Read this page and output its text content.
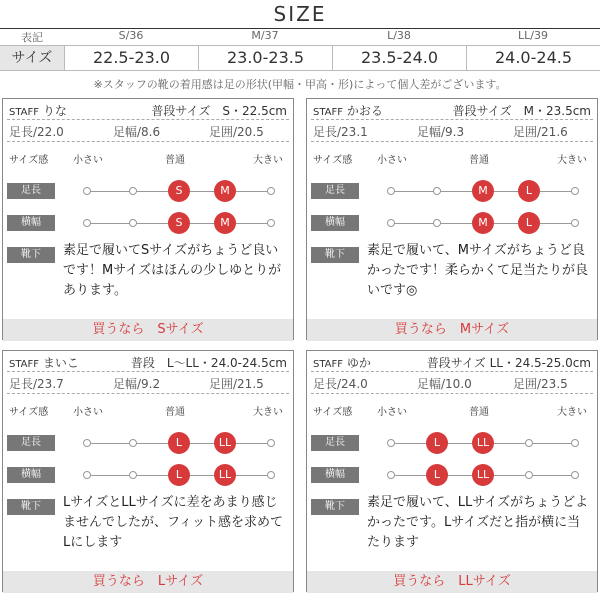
SIZE
表記	S/36	M/37	L/38	LL/39
サイズ	22.5-23.0	23.0-23.5	23.5-24.0	24.0-24.5
※スタッフの靴の着用感は足の形状(甲幅・甲高・形)によって個人差がございます。
STAFF りな	普段サイズ　S・22.5cm
足長/22.0	足幅/8.6	足囲/20.5
サイズ感 小さい	普通	大きい
足長
横幅
靴下	素足で履いてSサイズがちょうど良いです！Mサイズはほんの少しゆとりがあります。
買うなら　Sサイズ
S	M
S	M
STAFF かおる	普段サイズ　M・23.5cm
足長/23.1	足幅/9.3	足囲/21.6
サイズ感 小さい	普通	大きい
足長
横幅
靴下	素足で履いて、Mサイズがちょうど良かったです！柔らかくて足当たりが良いです◎
買うなら　Mサイズ
M	L
M	L
STAFF まいこ	普段　L〜LL・24.0-24.5cm
足長/23.7	足幅/9.2	足囲/21.5
サイズ感 小さい	普通	大きい
足長
横幅
靴下	LサイズとLLサイズに差をあまり感じませんでしたが、フィット感を求めてLにします
買うなら　Lサイズ
L	LL
L	LL
STAFF ゆか	普段サイズ LL・24.5-25.0cm
足長/24.0	足幅/10.0	足囲/23.5
サイズ感 小さい	普通	大きい
足長
横幅
靴下	素足で履いて、LLサイズがちょうどよかったです。Lサイズだと指が横に当たります
買うなら　LLサイズ
L	LL
L	LL
